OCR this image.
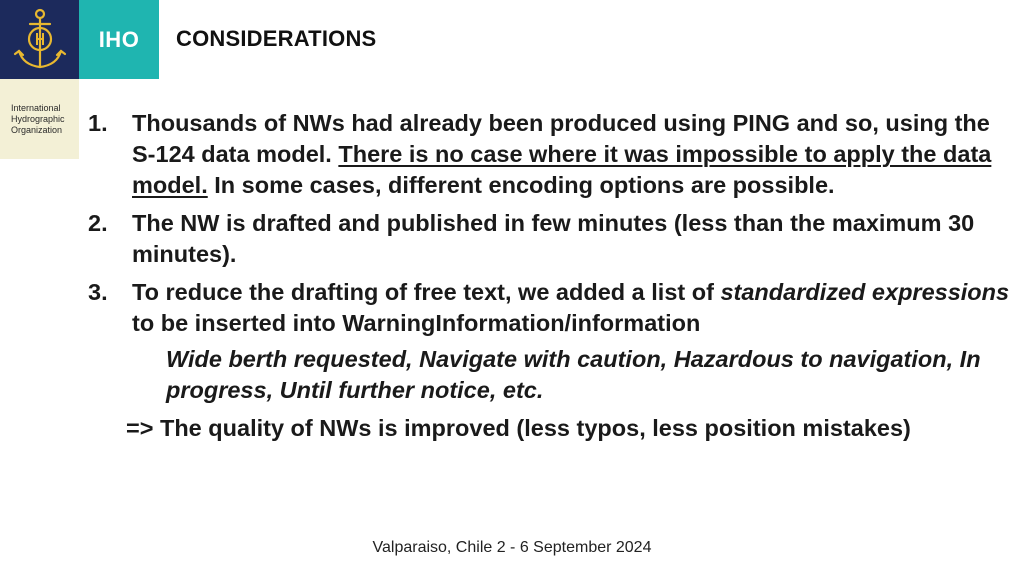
IHO
International
Hydrographic
Organization
CONSIDERATIONS
1. Thousands of NWs had already been produced using PING and so, using the S-124 data model. There is no case where it was impossible to apply the data model. In some cases, different encoding options are possible.
2. The NW is drafted and published in few minutes (less than the maximum 30 minutes).
3. To reduce the drafting of free text, we added a list of standardized expressions to be inserted into WarningInformation/information
Wide berth requested, Navigate with caution, Hazardous to navigation, In progress, Until further notice, etc.
=> The quality of NWs is improved (less typos, less position mistakes)
Valparaiso, Chile 2 - 6 September 2024
